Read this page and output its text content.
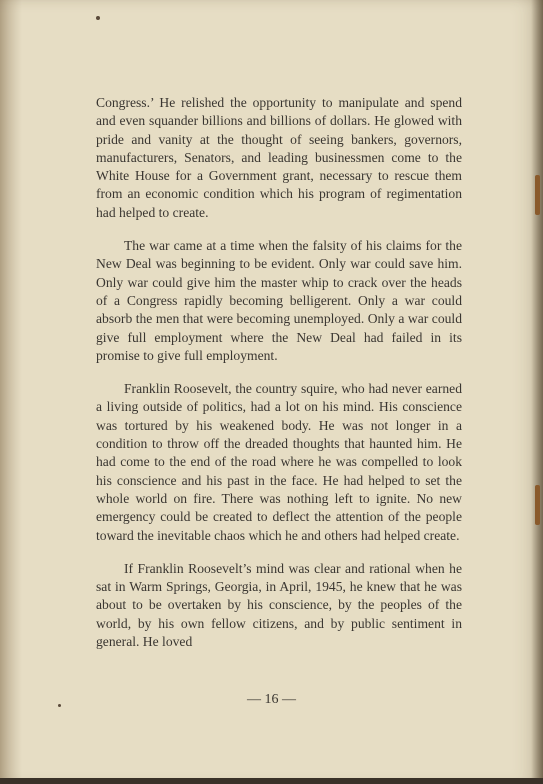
Congress.’ He relished the opportunity to manipulate and spend and even squander billions and billions of dollars. He glowed with pride and vanity at the thought of seeing bankers, governors, manufacturers, Senators, and leading businessmen come to the White House for a Government grant, necessary to rescue them from an economic condition which his program of regimentation had helped to create.

The war came at a time when the falsity of his claims for the New Deal was beginning to be evident. Only war could save him. Only war could give him the master whip to crack over the heads of a Congress rapidly becoming belligerent. Only a war could absorb the men that were becoming unemployed. Only a war could give full employment where the New Deal had failed in its promise to give full employment.

Franklin Roosevelt, the country squire, who had never earned a living outside of politics, had a lot on his mind. His conscience was tortured by his weakened body. He was not longer in a condition to throw off the dreaded thoughts that haunted him. He had come to the end of the road where he was compelled to look his conscience and his past in the face. He had helped to set the whole world on fire. There was nothing left to ignite. No new emergency could be created to deflect the attention of the people toward the inevitable chaos which he and others had helped create.

If Franklin Roosevelt’s mind was clear and rational when he sat in Warm Springs, Georgia, in April, 1945, he knew that he was about to be overtaken by his conscience, by the peoples of the world, by his own fellow citizens, and by public sentiment in general. He loved

— 16 —
